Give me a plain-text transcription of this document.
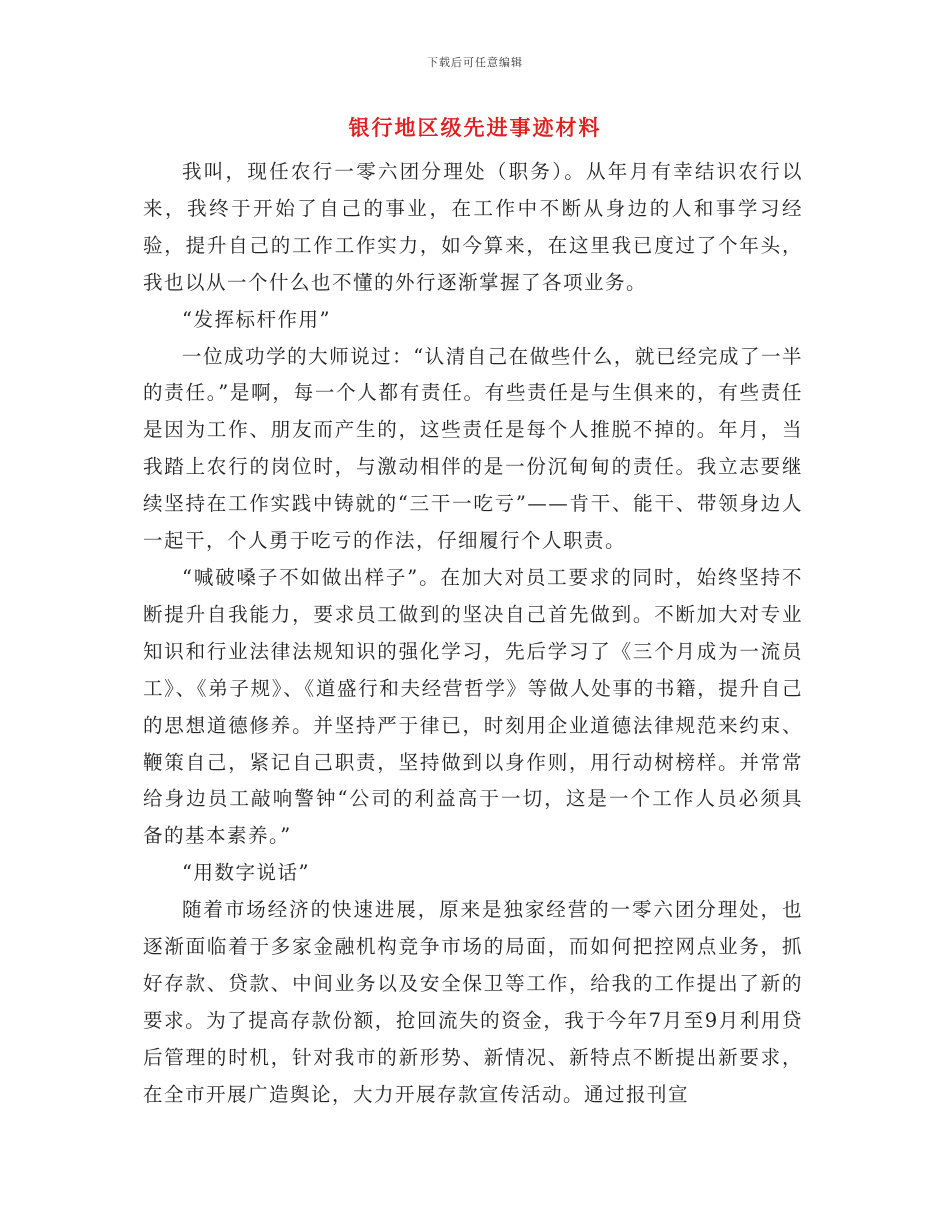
下载后可任意编辑
银行地区级先进事迹材料

我叫，现任农行一零六团分理处（职务）。从年月有幸结识农行以来，我终于开始了自己的事业，在工作中不断从身边的人和事学习经验，提升自己的工作工作实力，如今算来，在这里我已度过了个年头，我也以从一个什么也不懂的外行逐渐掌握了各项业务。

“发挥标杆作用”

一位成功学的大师说过：“认清自己在做些什么，就已经完成了一半的责任。”是啊，每一个人都有责任。有些责任是与生俱来的，有些责任是因为工作、朋友而产生的，这些责任是每个人推脱不掉的。年月，当我踏上农行的岗位时，与激动相伴的是一份沉甸甸的责任。我立志要继续坚持在工作实践中铸就的“三干一吃亏”——肯干、能干、带领身边人一起干，个人勇于吃亏的作法，仔细履行个人职责。

“喊破嗓子不如做出样子”。在加大对员工要求的同时，始终坚持不断提升自我能力，要求员工做到的坚决自己首先做到。不断加大对专业知识和行业法律法规知识的强化学习，先后学习了《三个月成为一流员工》、《弟子规》、《道盛行和夫经营哲学》等做人处事的书籍，提升自己的思想道德修养。并坚持严于律已，时刻用企业道德法律规范来约束、鞭策自己，紧记自己职责，坚持做到以身作则，用行动树榜样。并常常给身边员工敲响警钟“公司的利益高于一切，这是一个工作人员必须具备的基本素养。”

“用数字说话”

随着市场经济的快速进展，原来是独家经营的一零六团分理处，也逐渐面临着于多家金融机构竞争市场的局面，而如何把控网点业务，抓好存款、贷款、中间业务以及安全保卫等工作，给我的工作提出了新的要求。为了提高存款份额，抢回流失的资金，我于今年7月至9月利用贷后管理的时机，针对我市的新形势、新情况、新特点不断提出新要求，在全市开展广造舆论，大力开展存款宣传活动。通过报刊宣
